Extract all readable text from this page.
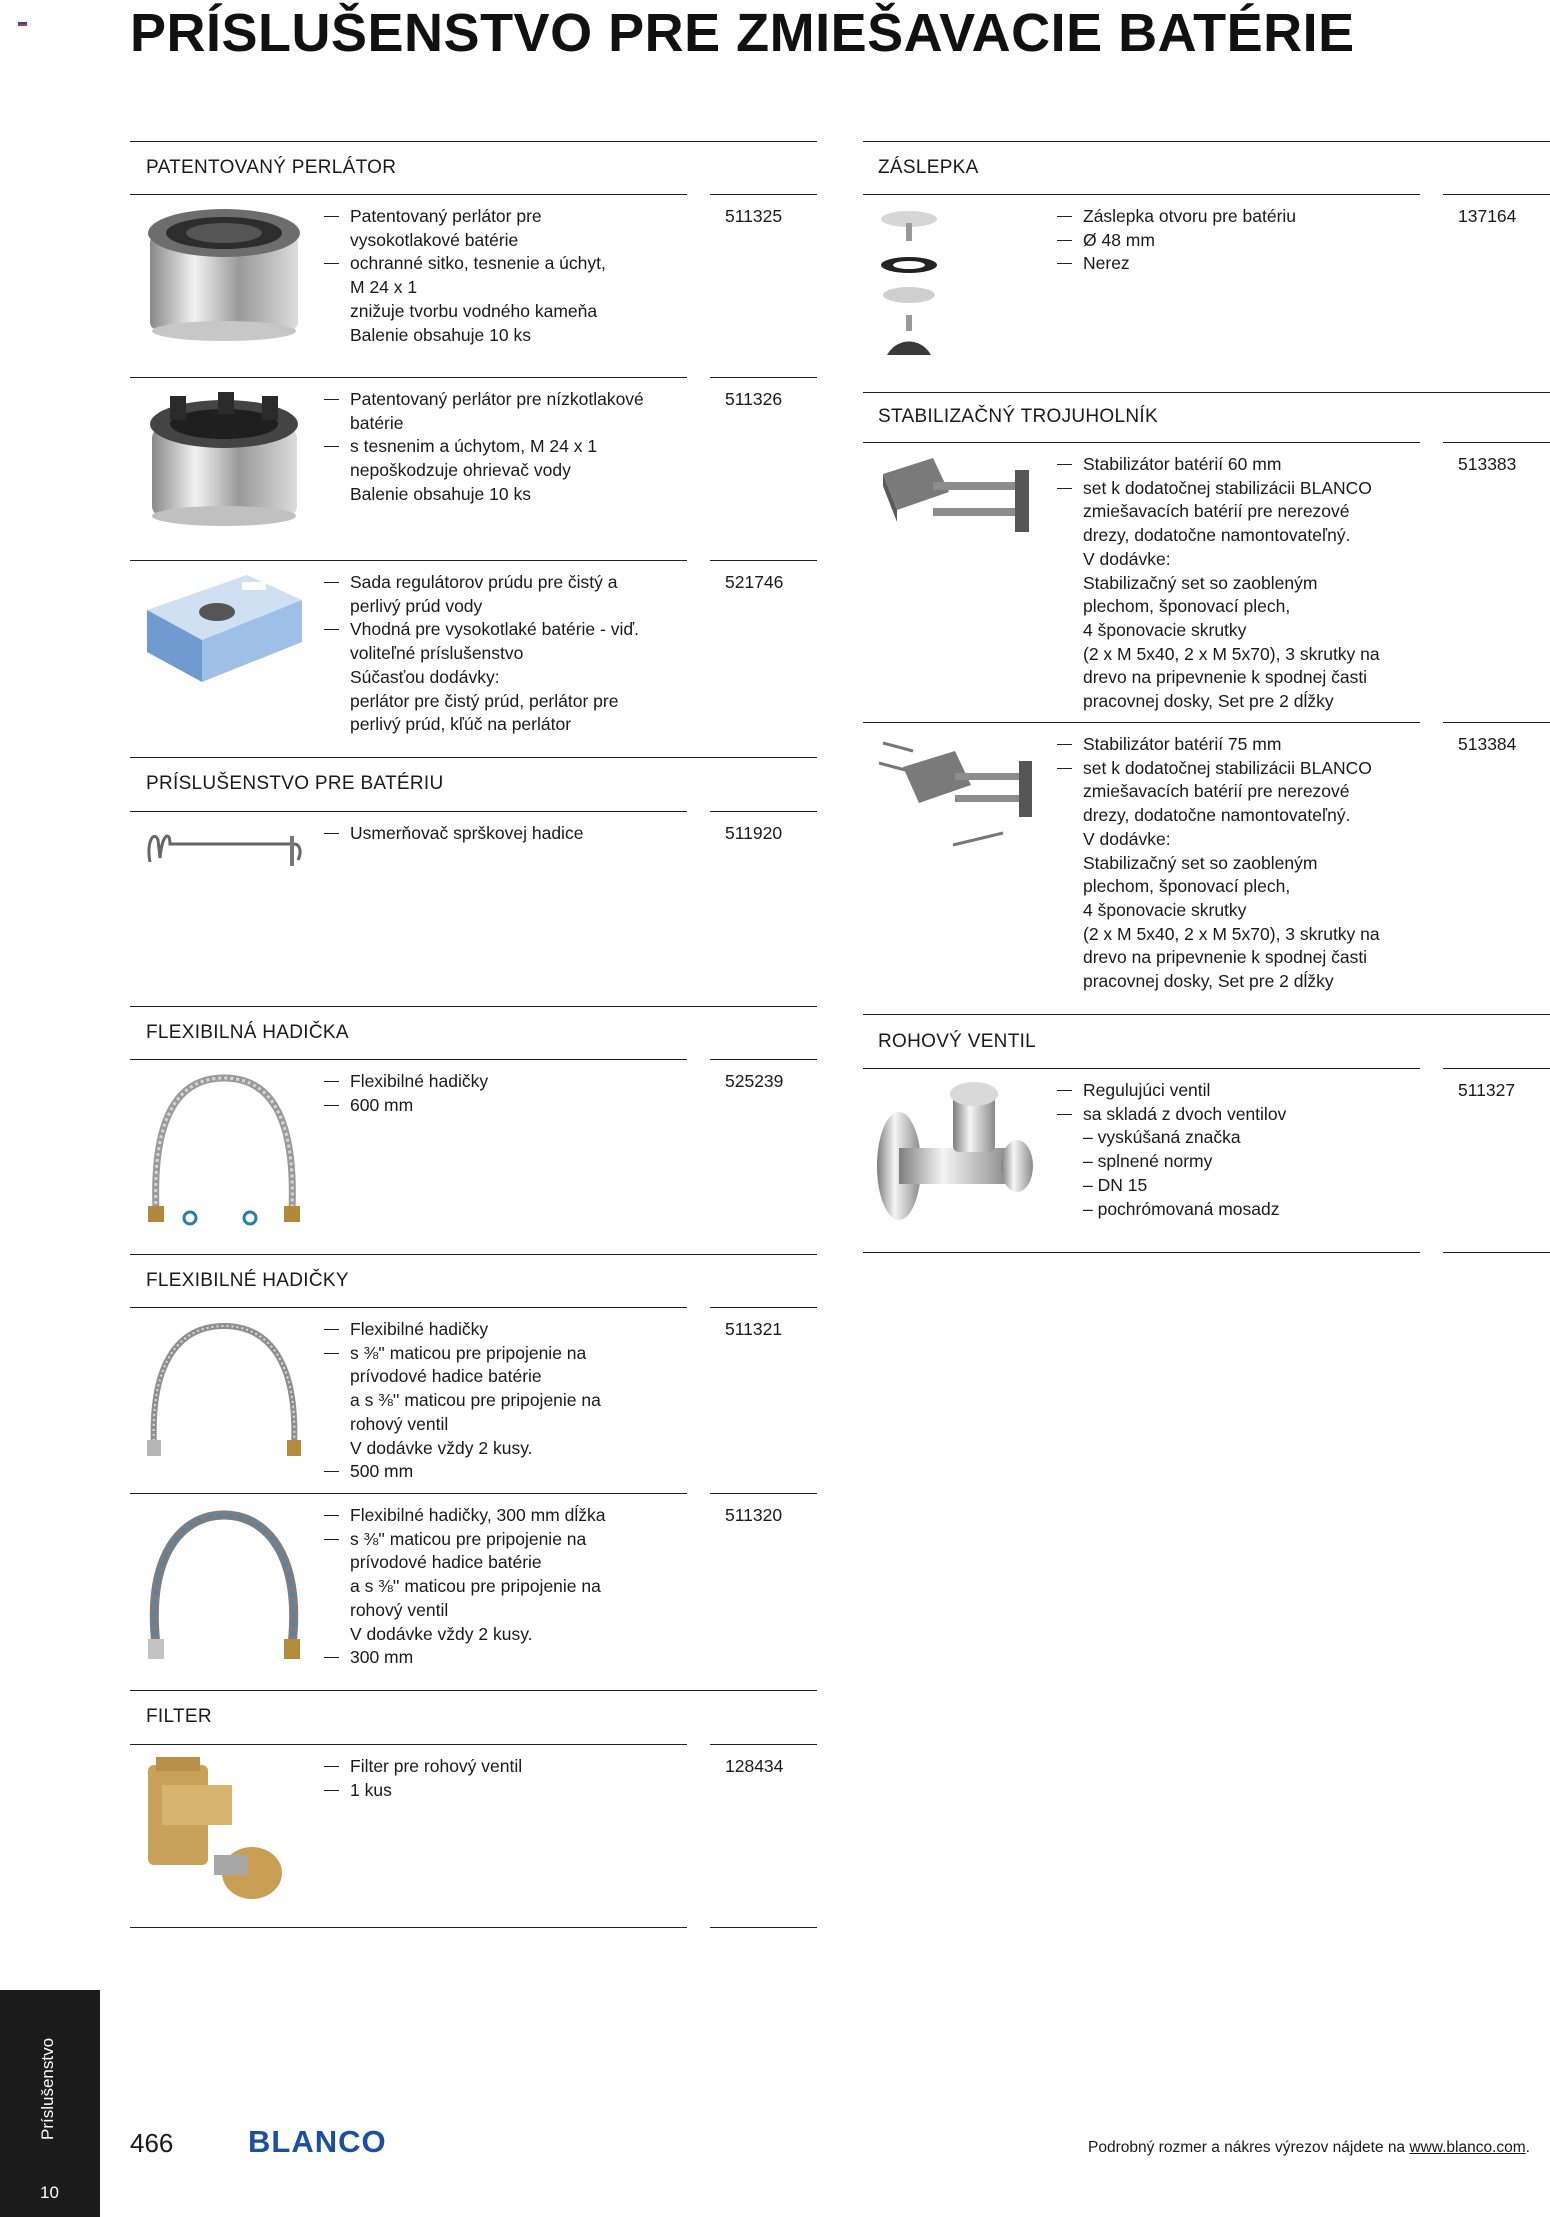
PRÍSLUŠENSTVO PRE ZMIEŠAVACIE BATÉRIE
PATENTOVANÝ PERLÁTOR
Patentovaný perlátor pre
vysokotlakové batérie
ochranné sitko, tesnenie a úchyt,
M 24 x 1
znižuje tvorbu vodného kameňa
Balenie obsahuje 10 ks
511325
Patentovaný perlátor pre nízkotlakové
batérie
s tesnenim a úchytom, M 24 x 1
nepoškodzuje ohrievač vody
Balenie obsahuje 10 ks
511326
Sada regulátorov prúdu pre čistý a
perlivý prúd vody
Vhodná pre vysokotlaké batérie - viď.
voliteľné príslušenstvo
Súčasťou dodávky:
perlátor pre čistý prúd, perlátor pre
perlivý prúd, kľúč na perlátor
521746
PRÍSLUŠENSTVO PRE BATÉRIU
Usmerňovač sprškovej hadice	511920
FLEXIBILNÁ HADIČKA
Flexibilné hadičky
600 mm
525239
FLEXIBILNÉ HADIČKY
Flexibilné hadičky
s ⅜'' maticou pre pripojenie na
prívodové hadice batérie
a s ⅜'' maticou pre pripojenie na
rohový ventil
V dodávke vždy 2 kusy.
500 mm
511321
Flexibilné hadičky, 300 mm dĺžka
s ⅜'' maticou pre pripojenie na
prívodové hadice batérie
a s ⅜'' maticou pre pripojenie na
rohový ventil
V dodávke vždy 2 kusy.
300 mm
511320
FILTER
Filter pre rohový ventil
1 kus
128434
ZÁSLEPKA
Záslepka otvoru pre batériu
Ø 48 mm
Nerez
137164
STABILIZAČNÝ TROJUHOLNÍK
Stabilizátor batérií 60 mm
set k dodatočnej stabilizácii BLANCO
zmiešavacích batérií pre nerezové
drezy, dodatočne namontovateľný.
V dodávke:
Stabilizačný set so zaobleným
plechom, šponovací plech,
4 šponovacie skrutky
(2 x M 5x40, 2 x M 5x70), 3 skrutky na
drevo na pripevnenie k spodnej časti
pracovnej dosky, Set pre 2 dĺžky
513383
Stabilizátor batérií 75 mm
set k dodatočnej stabilizácii BLANCO
zmiešavacích batérií pre nerezové
drezy, dodatočne namontovateľný.
V dodávke:
Stabilizačný set so zaobleným
plechom, šponovací plech,
4 šponovacie skrutky
(2 x M 5x40, 2 x M 5x70), 3 skrutky na
drevo na pripevnenie k spodnej časti
pracovnej dosky, Set pre 2 dĺžky
513384
ROHOVÝ VENTIL
Regulujúci ventil
sa skladá z dvoch ventilov
– vyskúšaná značka
– splnené normy
– DN 15
– pochrómovaná mosadz
511327
Príslušenstvo
10
466 BLANCO	Podrobný rozmer a nákres výrezov nájdete na www.blanco.com.
